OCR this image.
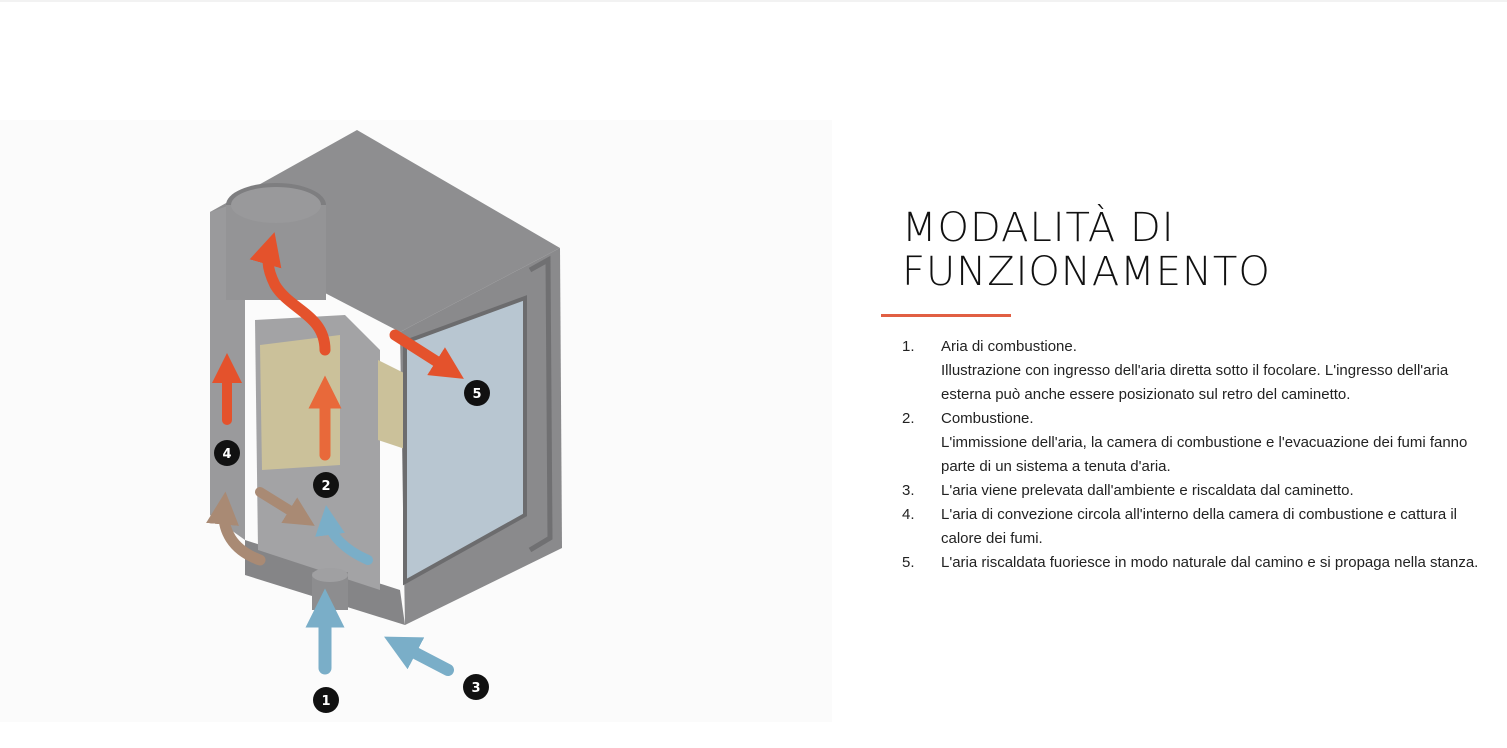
1
2
3
4
5
MODALITÀ DI
FUNZIONAMENTO
1.	Aria di combustione.
Illustrazione con ingresso dell'aria diretta sotto il focolare. L'ingresso dell'aria esterna può anche essere posizionato sul retro del caminetto.
2.	Combustione.
L'immissione dell'aria, la camera di combustione e l'evacuazione dei fumi fanno parte di un sistema a tenuta d'aria.
3.	L'aria viene prelevata dall'ambiente e riscaldata dal caminetto.
4.	L'aria di convezione circola all'interno della camera di combustione e cattura il calore dei fumi.
5.	L'aria riscaldata fuoriesce in modo naturale dal camino e si propaga nella stanza.
